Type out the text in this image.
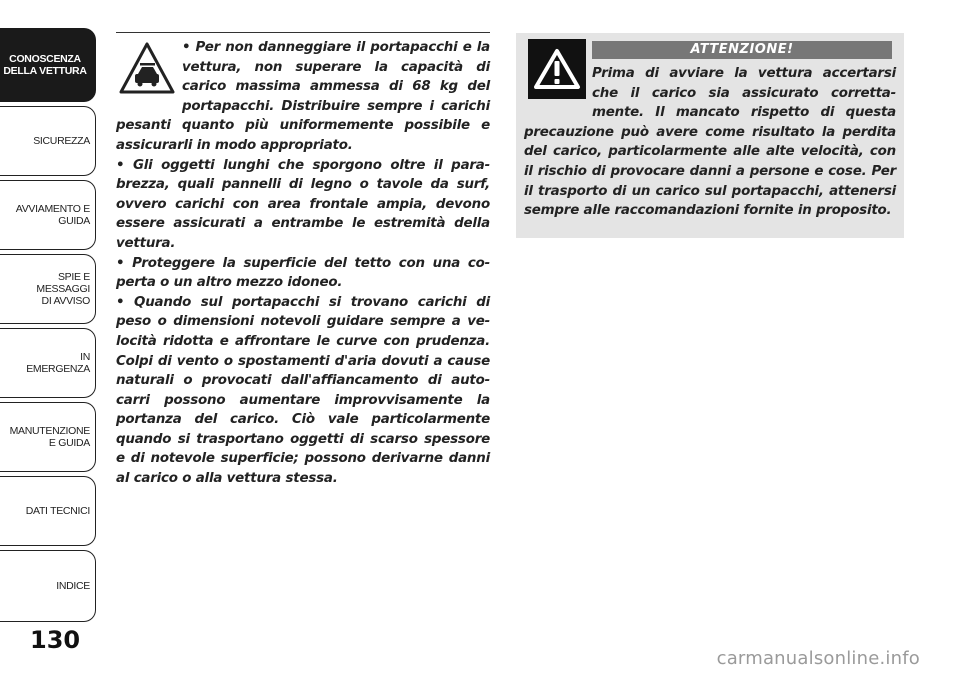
CONOSCENZA
DELLA VETTURA
SICUREZZA
AVVIAMENTO E
GUIDA
SPIE E
MESSAGGI
DI AVVISO
IN
EMERGENZA
MANUTENZIONE
E GUIDA
DATI TECNICI
INDICE
130

• Per non danneggiare il portapacchi e la vettura, non superare la capacità di carico massima ammessa di 68 kg del portapacchi. Distribuire sempre i carichi pesanti quanto più uniformemente possibile e assicurarli in modo appropriato.

• Gli oggetti lunghi che sporgono oltre il para-brezza, quali pannelli di legno o tavole da surf, ovvero carichi con area frontale ampia, devono essere assicurati a entrambe le estremità della vettura.

• Proteggere la superficie del tetto con una co-perta o un altro mezzo idoneo.

• Quando sul portapacchi si trovano carichi di peso o dimensioni notevoli guidare sempre a ve-locità ridotta e affrontare le curve con prudenza. Colpi di vento o spostamenti d'aria dovuti a cause naturali o provocati dall'affiancamento di auto-carri possono aumentare improvvisamente la portanza del carico. Ciò vale particolarmente quando si trasportano oggetti di scarso spessore e di notevole superficie; possono derivarne danni al carico o alla vettura stessa.

ATTENZIONE!
Prima di avviare la vettura accertarsi che il carico sia assicurato corretta-mente. Il mancato rispetto di questa precauzione può avere come risultato la perdita del carico, particolarmente alle alte velocità, con il rischio di provocare danni a persone e cose. Per il trasporto di un carico sul portapacchi, attenersi sempre alle raccomandazioni fornite in proposito.
carmanualsonline.info
